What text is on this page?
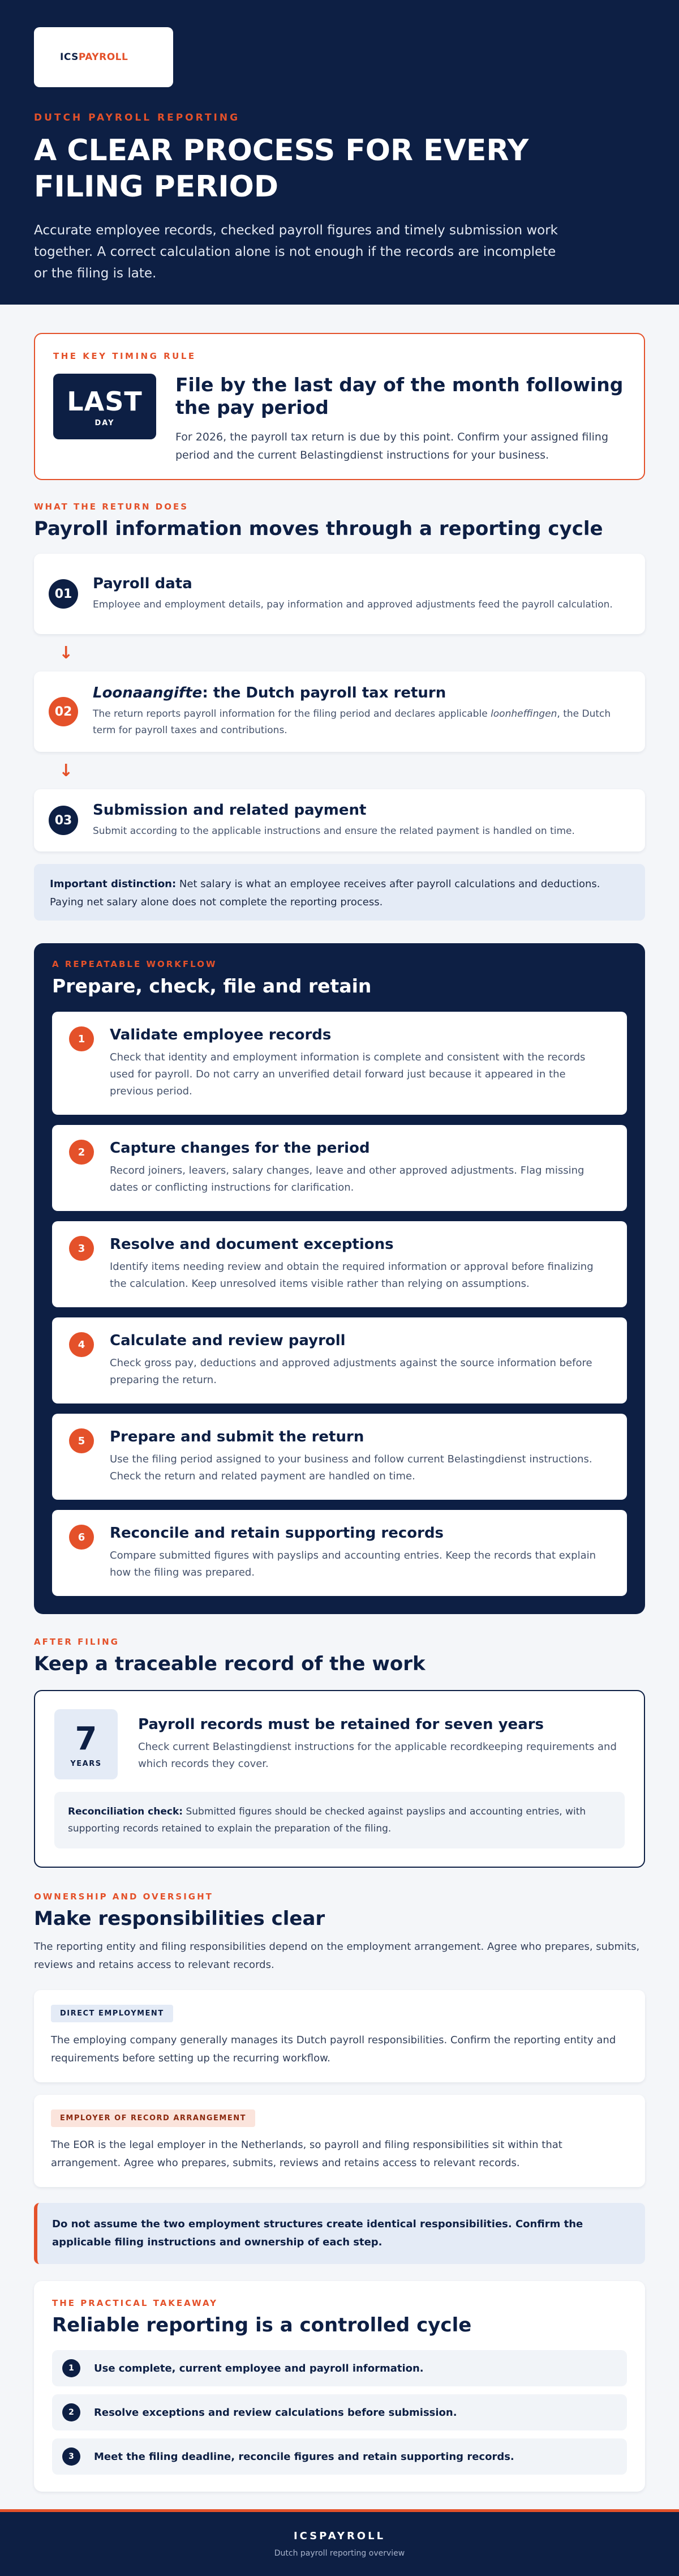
ICSPAYROLL
DUTCH PAYROLL REPORTING
A CLEAR PROCESS FOR EVERY FILING PERIOD

Accurate employee records, checked payroll figures and timely submission work together. A correct calculation alone is not enough if the records are incomplete or the filing is late.

THE KEY TIMING RULE
LAST
DAY
File by the last day of the month following the pay period
For 2026, the payroll tax return is due by this point. Confirm your assigned filing period and the current Belastingdienst instructions for your business.
WHAT THE RETURN DOES
Payroll information moves through a reporting cycle
01
Payroll data
Employee and employment details, pay information and approved adjustments feed the payroll calculation.
↓
02
Loonaangifte: the Dutch payroll tax return
The return reports payroll information for the filing period and declares applicable loonheffingen, the Dutch term for payroll taxes and contributions.
↓
03
Submission and related payment
Submit according to the applicable instructions and ensure the related payment is handled on time.
Important distinction: Net salary is what an employee receives after payroll calculations and deductions. Paying net salary alone does not complete the reporting process.
A REPEATABLE WORKFLOW
Prepare, check, file and retain
1	Validate employee records
Check that identity and employment information is complete and consistent with the records used for payroll. Do not carry an unverified detail forward just because it appeared in the previous period.
2	Capture changes for the period
Record joiners, leavers, salary changes, leave and other approved adjustments. Flag missing dates or conflicting instructions for clarification.
3	Resolve and document exceptions
Identify items needing review and obtain the required information or approval before finalizing the calculation. Keep unresolved items visible rather than relying on assumptions.
4	Calculate and review payroll
Check gross pay, deductions and approved adjustments against the source information before preparing the return.
5	Prepare and submit the return
Use the filing period assigned to your business and follow current Belastingdienst instructions. Check the return and related payment are handled on time.
6	Reconcile and retain supporting records
Compare submitted figures with payslips and accounting entries. Keep the records that explain how the filing was prepared.
AFTER FILING
Keep a traceable record of the work
7
YEARS
Payroll records must be retained for seven years
Check current Belastingdienst instructions for the applicable recordkeeping requirements and which records they cover.
Reconciliation check: Submitted figures should be checked against payslips and accounting entries, with supporting records retained to explain the preparation of the filing.
OWNERSHIP AND OVERSIGHT
Make responsibilities clear

The reporting entity and filing responsibilities depend on the employment arrangement. Agree who prepares, submits, reviews and retains access to relevant records.

DIRECT EMPLOYMENT
The employing company generally manages its Dutch payroll responsibilities. Confirm the reporting entity and requirements before setting up the recurring workflow.
EMPLOYER OF RECORD ARRANGEMENT
The EOR is the legal employer in the Netherlands, so payroll and filing responsibilities sit within that arrangement. Agree who prepares, submits, reviews and retains access to relevant records.
Do not assume the two employment structures create identical responsibilities. Confirm the applicable filing instructions and ownership of each step.
THE PRACTICAL TAKEAWAY
Reliable reporting is a controlled cycle
1	Use complete, current employee and payroll information.
2	Resolve exceptions and review calculations before submission.
3	Meet the filing deadline, reconcile figures and retain supporting records.
ICSPAYROLL
Dutch payroll reporting overview
